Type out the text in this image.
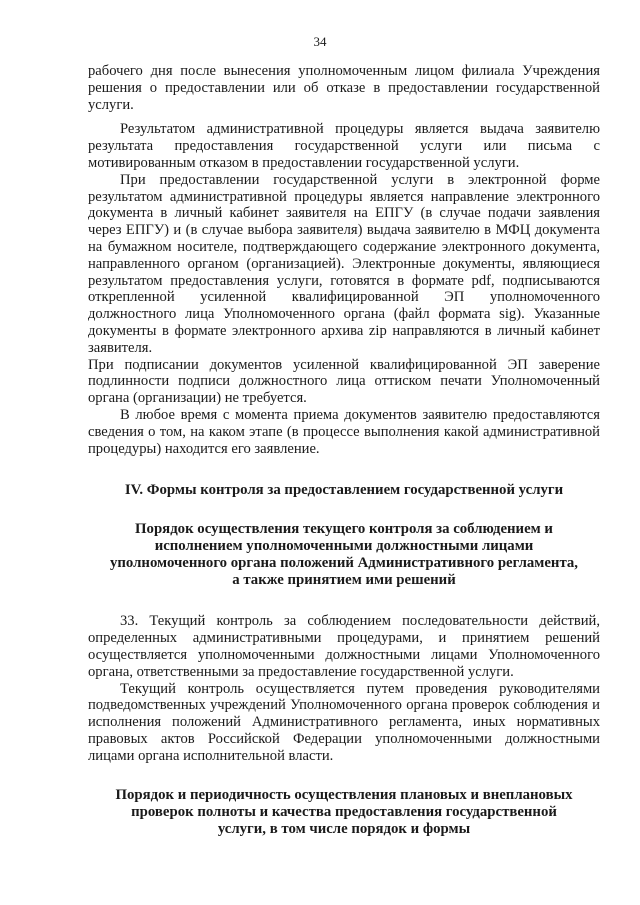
34

рабочего дня после вынесения уполномоченным лицом филиала Учреждения решения о предоставлении или об отказе в предоставлении государственной услуги.

Результатом административной процедуры является выдача заявителю результата предоставления государственной услуги или письма с мотивированным отказом в предоставлении государственной услуги.

При предоставлении государственной услуги в электронной форме результатом административной процедуры является направление электронного документа в личный кабинет заявителя на ЕПГУ (в случае подачи заявления через ЕПГУ) и (в случае выбора заявителя) выдача заявителю в МФЦ документа на бумажном носителе, подтверждающего содержание электронного документа, направленного органом (организацией). Электронные документы, являющиеся результатом предоставления услуги, готовятся в формате pdf, подписываются открепленной усиленной квалифицированной ЭП уполномоченного должностного лица Уполномоченного органа (файл формата sig). Указанные документы в формате электронного архива zip направляются в личный кабинет заявителя.

При подписании документов усиленной квалифицированной ЭП заверение подлинности подписи должностного лица оттиском печати Уполномоченный органа (организации) не требуется.

В любое время с момента приема документов заявителю предоставляются сведения о том, на каком этапе (в процессе выполнения какой административной процедуры) находится его заявление.

IV. Формы контроля за предоставлением государственной услуги
Порядок осуществления текущего контроля за соблюдением и исполнением уполномоченными должностными лицами уполномоченного органа положений Административного регламента, а также принятием ими решений

33. Текущий контроль за соблюдением последовательности действий, определенных административными процедурами, и принятием решений осуществляется уполномоченными должностными лицами Уполномоченного органа, ответственными за предоставление государственной услуги.

Текущий контроль осуществляется путем проведения руководителями подведомственных учреждений Уполномоченного органа проверок соблюдения и исполнения положений Административного регламента, иных нормативных правовых актов Российской Федерации уполномоченными должностными лицами органа исполнительной власти.

Порядок и периодичность осуществления плановых и внеплановых проверок полноты и качества предоставления государственной услуги, в том числе порядок и формы
